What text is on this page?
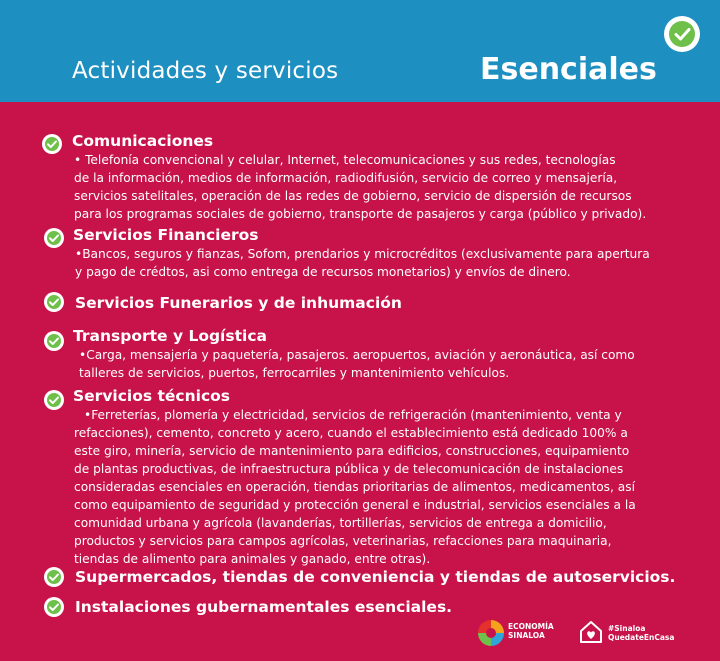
Actividades y servicios	Esenciales
Comunicaciones
• Telefonía convencional y celular, Internet, telecomunicaciones y sus redes, tecnologías
de la información, medios de información, radiodifusión, servicio de correo y mensajería,
servicios satelitales, operación de las redes de gobierno, servicio de dispersión de recursos
para los programas sociales de gobierno, transporte de pasajeros y carga (público y privado).
Servicios Financieros
•Bancos, seguros y fianzas, Sofom, prendarios y microcréditos (exclusivamente para apertura
y pago de crédtos, asi como entrega de recursos monetarios) y envíos de dinero.
Servicios Funerarios y de inhumación
Transporte y Logística
•Carga, mensajería y paquetería, pasajeros. aeropuertos, aviación y aeronáutica, así como
talleres de servicios, puertos, ferrocarriles y mantenimiento vehículos.
Servicios técnicos
•Ferreterías, plomería y electricidad, servicios de refrigeración (mantenimiento, venta y
refacciones), cemento, concreto y acero, cuando el establecimiento está dedicado 100% a
este giro, minería, servicio de mantenimiento para edificios, construcciones, equipamiento
de plantas productivas, de infraestructura pública y de telecomunicación de instalaciones
consideradas esenciales en operación, tiendas prioritarias de alimentos, medicamentos, así
como equipamiento de seguridad y protección general e industrial, servicios esenciales a la
comunidad urbana y agrícola (lavanderías, tortillerías, servicios de entrega a domicilio,
productos y servicios para campos agrícolas, veterinarias, refacciones para maquinaria,
tiendas de alimento para animales y ganado, entre otras).
Supermercados, tiendas de conveniencia y tiendas de autoservicios.
Instalaciones gubernamentales esenciales.
ECONOMÍA
SINALOA
#Sinaloa
QuedateEnCasa
